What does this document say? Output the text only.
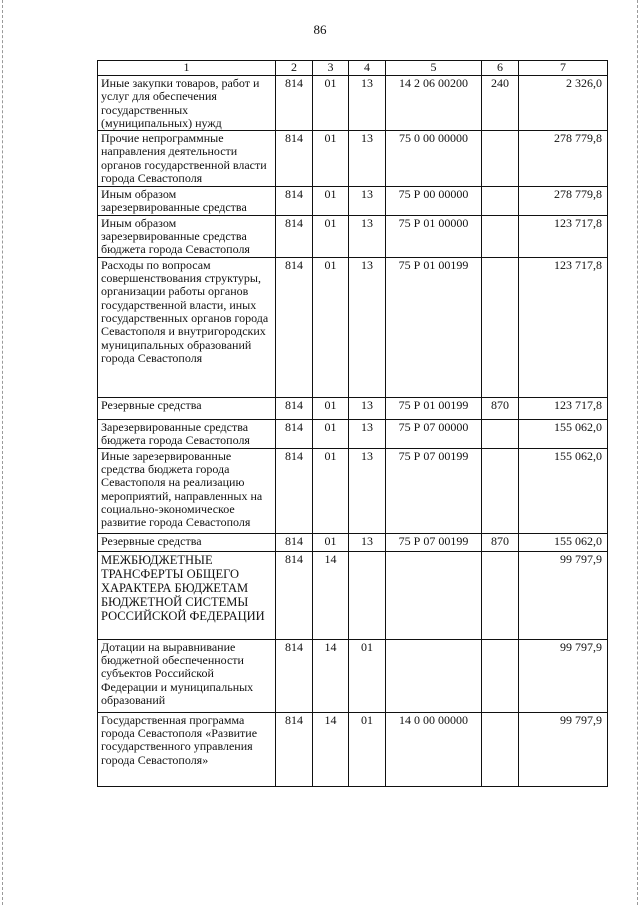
86
1	2	3	4	5	6	7
Иные закупки товаров, работ и услуг для обеспечения государственных (муниципальных) нужд	814	01	13	14 2 06 00200	240	2 326,0
Прочие непрограммные направления деятельности органов государственной власти города Севастополя	814	01	13	75 0 00 00000		278 779,8
Иным образом зарезервированные средства	814	01	13	75 Р 00 00000		278 779,8
Иным образом зарезервированные средства бюджета города Севастополя	814	01	13	75 Р 01 00000		123 717,8
Расходы по вопросам совершенствования структуры, организации работы органов государственной власти, иных государственных органов города Севастополя и внутригородских муниципальных образований города Севастополя	814	01	13	75 Р 01 00199		123 717,8
Резервные средства	814	01	13	75 Р 01 00199	870	123 717,8
Зарезервированные средства бюджета города Севастополя	814	01	13	75 Р 07 00000		155 062,0
Иные зарезервированные средства бюджета города Севастополя на реализацию мероприятий, направленных на социально-экономическое развитие города Севастополя	814	01	13	75 Р 07 00199		155 062,0
Резервные средства	814	01	13	75 Р 07 00199	870	155 062,0
МЕЖБЮДЖЕТНЫЕ ТРАНСФЕРТЫ ОБЩЕГО ХАРАКТЕРА БЮДЖЕТАМ БЮДЖЕТНОЙ СИСТЕМЫ РОССИЙСКОЙ ФЕДЕРАЦИИ	814	14				99 797,9
Дотации на выравнивание бюджетной обеспеченности субъектов Российской Федерации и муниципальных образований	814	14	01			99 797,9
Государственная программа города Севастополя «Развитие государственного управления города Севастополя»	814	14	01	14 0 00 00000		99 797,9
